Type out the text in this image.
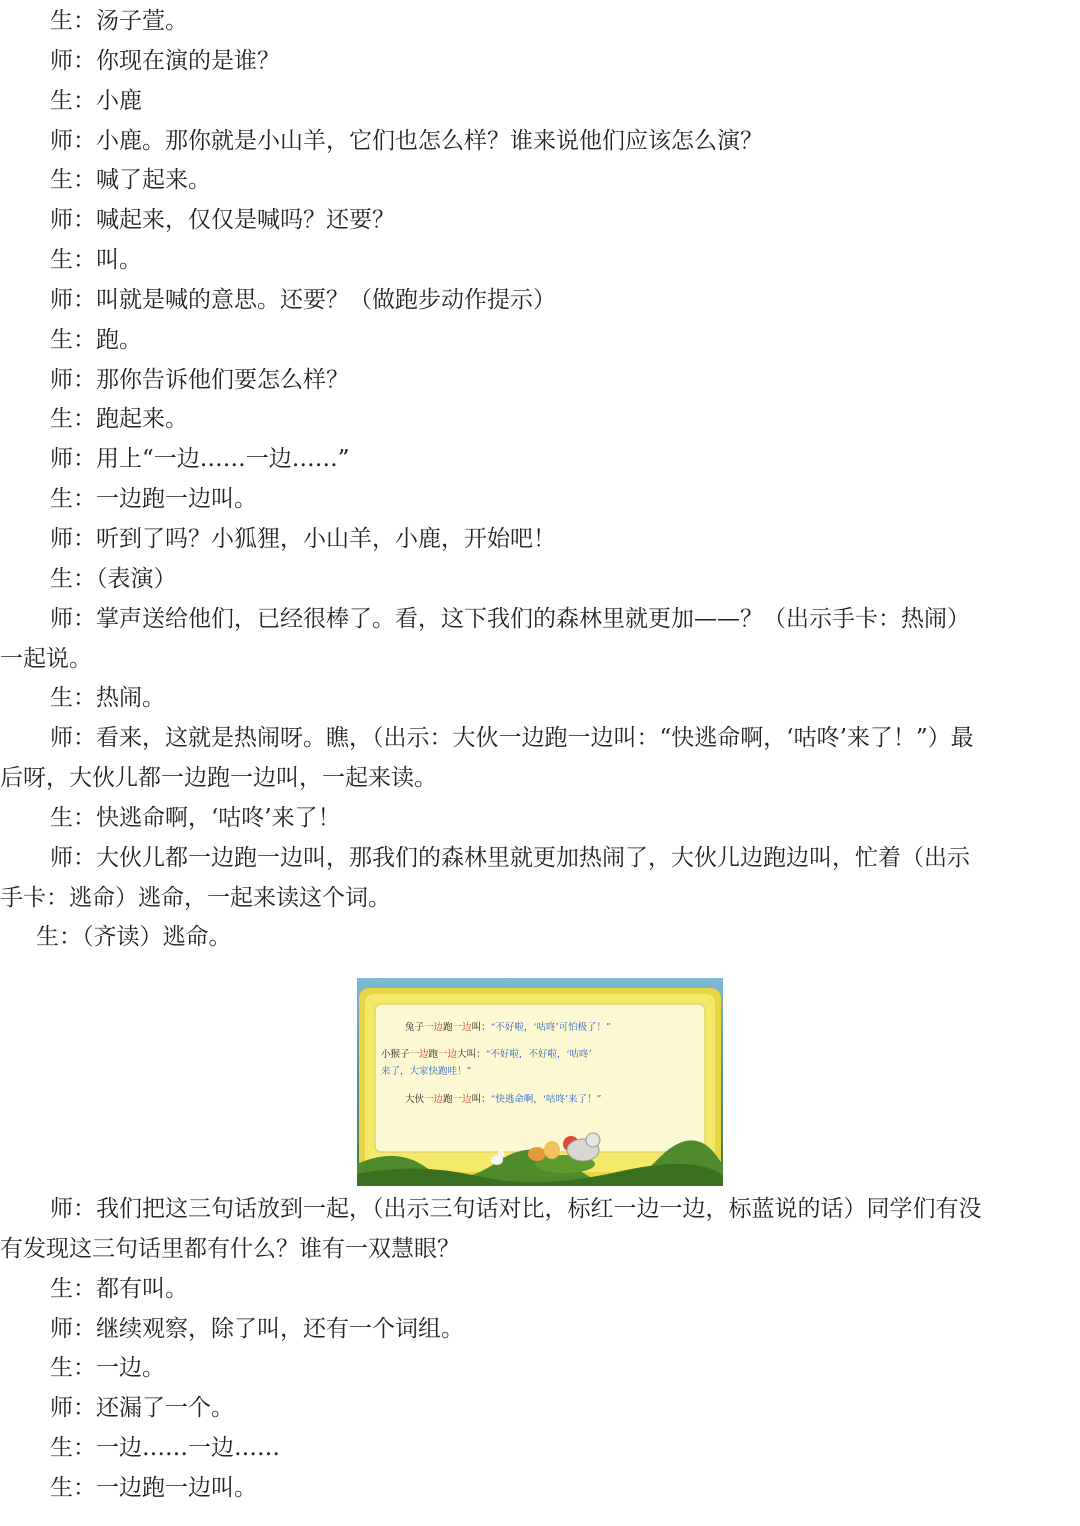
生：汤子萱。
师：你现在演的是谁？
生：小鹿
师：小鹿。那你就是小山羊，它们也怎么样？谁来说他们应该怎么演？
生：喊了起来。
师：喊起来，仅仅是喊吗？还要？
生：叫。
师：叫就是喊的意思。还要？（做跑步动作提示）
生：跑。
师：那你告诉他们要怎么样？
生：跑起来。
师：用上“一边……一边……”
生：一边跑一边叫。
师：听到了吗？小狐狸，小山羊，小鹿，开始吧！
生：（表演）
师：掌声送给他们，已经很棒了。看，这下我们的森林里就更加——？（出示手卡：热闹）
一起说。
生：热闹。
师：看来，这就是热闹呀。瞧，（出示：大伙一边跑一边叫：“快逃命啊，‘咕咚’来了！”）最
后呀，大伙儿都一边跑一边叫，一起来读。
生：快逃命啊，‘咕咚’来了！
师：大伙儿都一边跑一边叫，那我们的森林里就更加热闹了，大伙儿边跑边叫，忙着（出示
手卡：逃命）逃命，一起来读这个词。
生：（齐读）逃命。
兔子一边跑一边叫：“不好啦，‘咕咚’可怕极了！”
小猴子一边跑一边大叫：“不好啦，不好啦，‘咕咚’
来了，大家快跑哇！”
大伙一边跑一边叫：“快逃命啊，‘咕咚’来了！”
师：我们把这三句话放到一起，（出示三句话对比，标红一边一边，标蓝说的话）同学们有没
有发现这三句话里都有什么？谁有一双慧眼？
生：都有叫。
师：继续观察，除了叫，还有一个词组。
生：一边。
师：还漏了一个。
生：一边……一边……
生：一边跑一边叫。
